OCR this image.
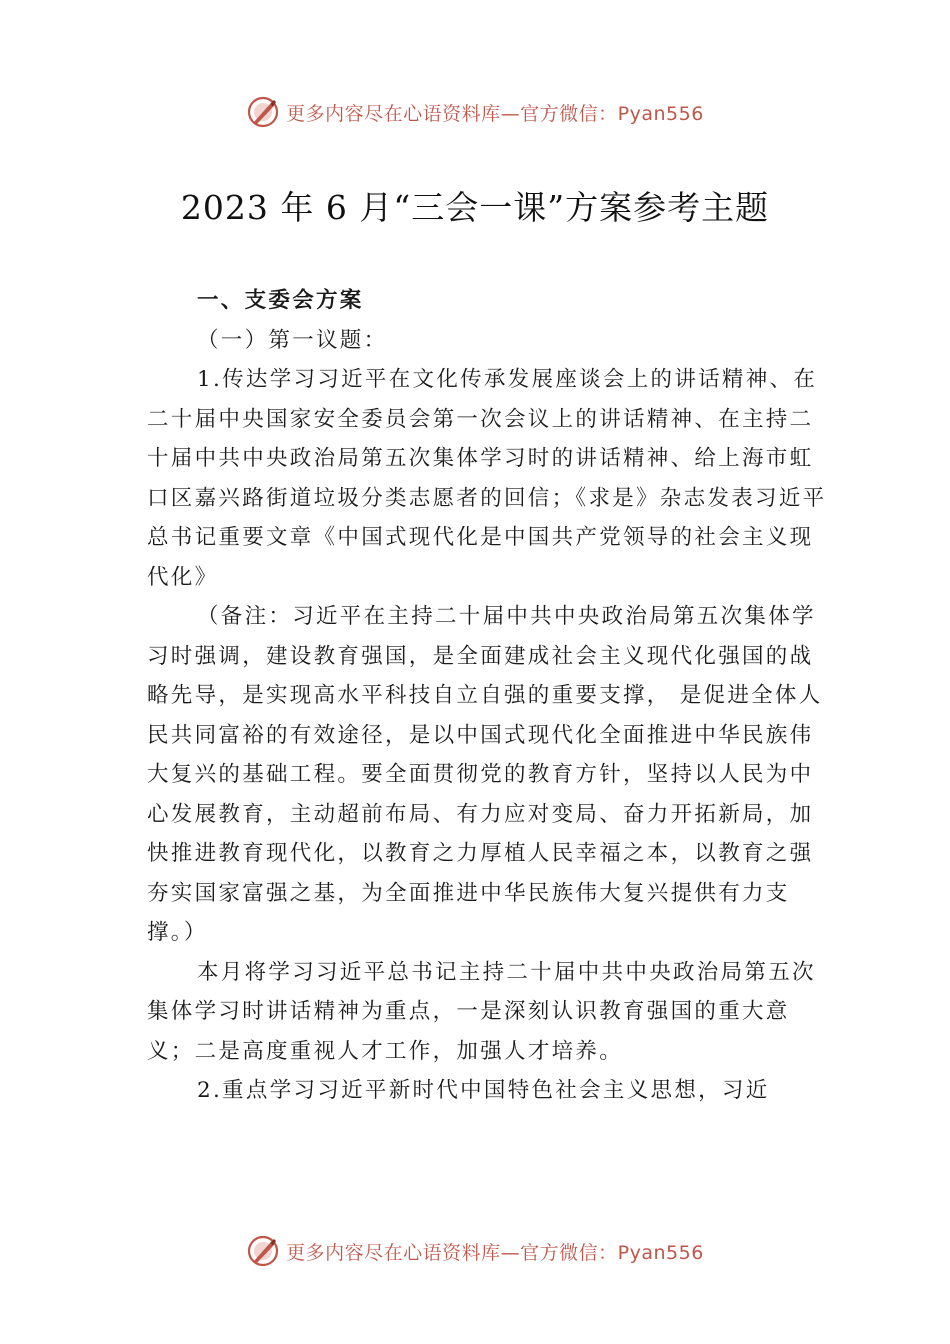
更多内容尽在心语资料库—官方微信：Pyan556
2023 年 6 月“三会一课”方案参考主题

一、支委会方案

（一）第一议题：

1.传达学习习近平在文化传承发展座谈会上的讲话精神、在二十届中央国家安全委员会第一次会议上的讲话精神、在主持二十届中共中央政治局第五次集体学习时的讲话精神、给上海市虹口区嘉兴路街道垃圾分类志愿者的回信；《求是》杂志发表习近平总书记重要文章《中国式现代化是中国共产党领导的社会主义现代化》

（备注：习近平在主持二十届中共中央政治局第五次集体学习时强调，建设教育强国，是全面建成社会主义现代化强国的战略先导，是实现高水平科技自立自强的重要支撑， 是促进全体人民共同富裕的有效途径，是以中国式现代化全面推进中华民族伟大复兴的基础工程。要全面贯彻党的教育方针，坚持以人民为中心发展教育，主动超前布局、有力应对变局、奋力开拓新局，加快推进教育现代化，以教育之力厚植人民幸福之本，以教育之强夯实国家富强之基，为全面推进中华民族伟大复兴提供有力支撑。）

本月将学习习近平总书记主持二十届中共中央政治局第五次集体学习时讲话精神为重点，一是深刻认识教育强国的重大意义；二是高度重视人才工作，加强人才培养。

2.重点学习习近平新时代中国特色社会主义思想，习近

更多内容尽在心语资料库—官方微信：Pyan556
